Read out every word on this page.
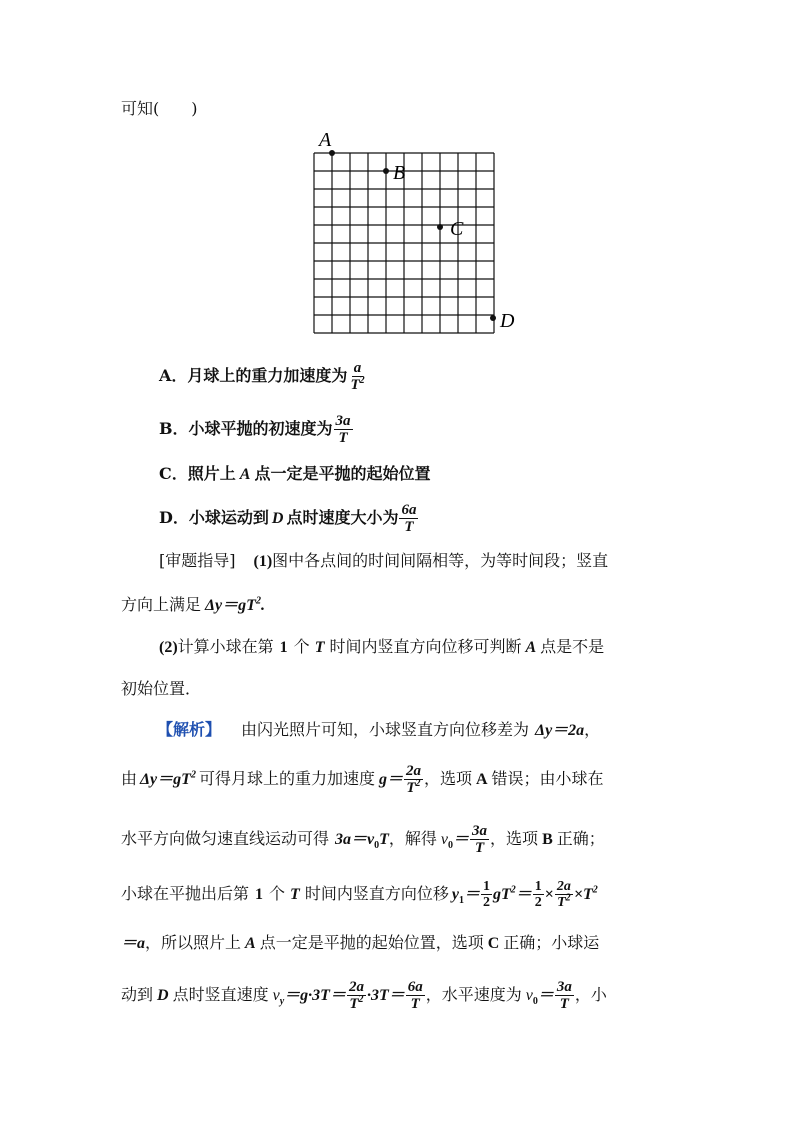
可知(　　)
A
B
C
D
A．月球上的重力加速度为 $\frac{a}{T^2}$
B．小球平抛的初速度为 $\frac{3a}{T}$
C．照片上 A 点一定是平抛的起始位置
D．小球运动到 D 点时速度大小为 $\frac{6a}{T}$
[审题指导] (1)图中各点间的时间间隔相等，为等时间段；竖直
方向上满足 $\Delta y=gT^2$.
(2)计算小球在第 1 个 T 时间内竖直方向位移可判断 A 点是不是
初始位置．
【解析】 由闪光照片可知，小球竖直方向位移差为 Δy＝2a，
由 $\Delta y=gT^2$ 可得月球上的重力加速度 $g= \frac{2a}{T^2}$ ，选项 A 错误；由小球在
水平方向做匀速直线运动可得 $3a=v_0T$，解得 $v_0= \frac{3a}{T}$ ，选项 B 正确；
小球在平抛出后第 1 个 T 时间内竖直方向位移 $y_1= \frac{1}{2} gT^2= \frac{1}{2} \times \frac{2a}{T^2} \times T^2$
＝a，所以照片上 A 点一定是平抛的起始位置，选项 C 正确；小球运
动到 D 点时竖直速度 $v_y=g\cdot 3T= \frac{2a}{T^2} \cdot 3T= \frac{6a}{T}$ ，水平速度为 $v_0= \frac{3a}{T}$ ，小
